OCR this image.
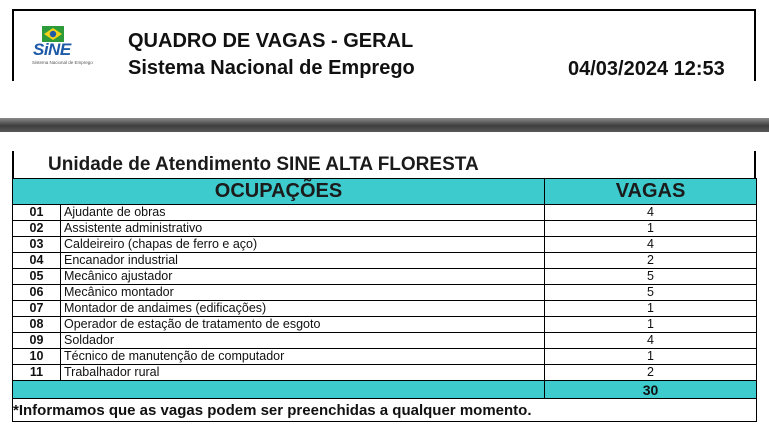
SiNE
Sistema Nacional de Emprego
QUADRO DE VAGAS - GERAL
Sistema Nacional de Emprego	04/03/2024 12:53
Unidade de Atendimento SINE ALTA FLORESTA
OCUPAÇÕES		VAGAS
01	Ajudante de obras	4
02	Assistente administrativo	1
03	Caldeireiro (chapas de ferro e aço)	4
04	Encanador industrial	2
05	Mecânico ajustador	5
06	Mecânico montador	5
07	Montador de andaimes (edificações)	1
08	Operador de estação de tratamento de esgoto	1
09	Soldador	4
10	Técnico de manutenção de computador	1
11	Trabalhador rural	2
		30
*Informamos que as vagas podem ser preenchidas a qualquer momento.		
